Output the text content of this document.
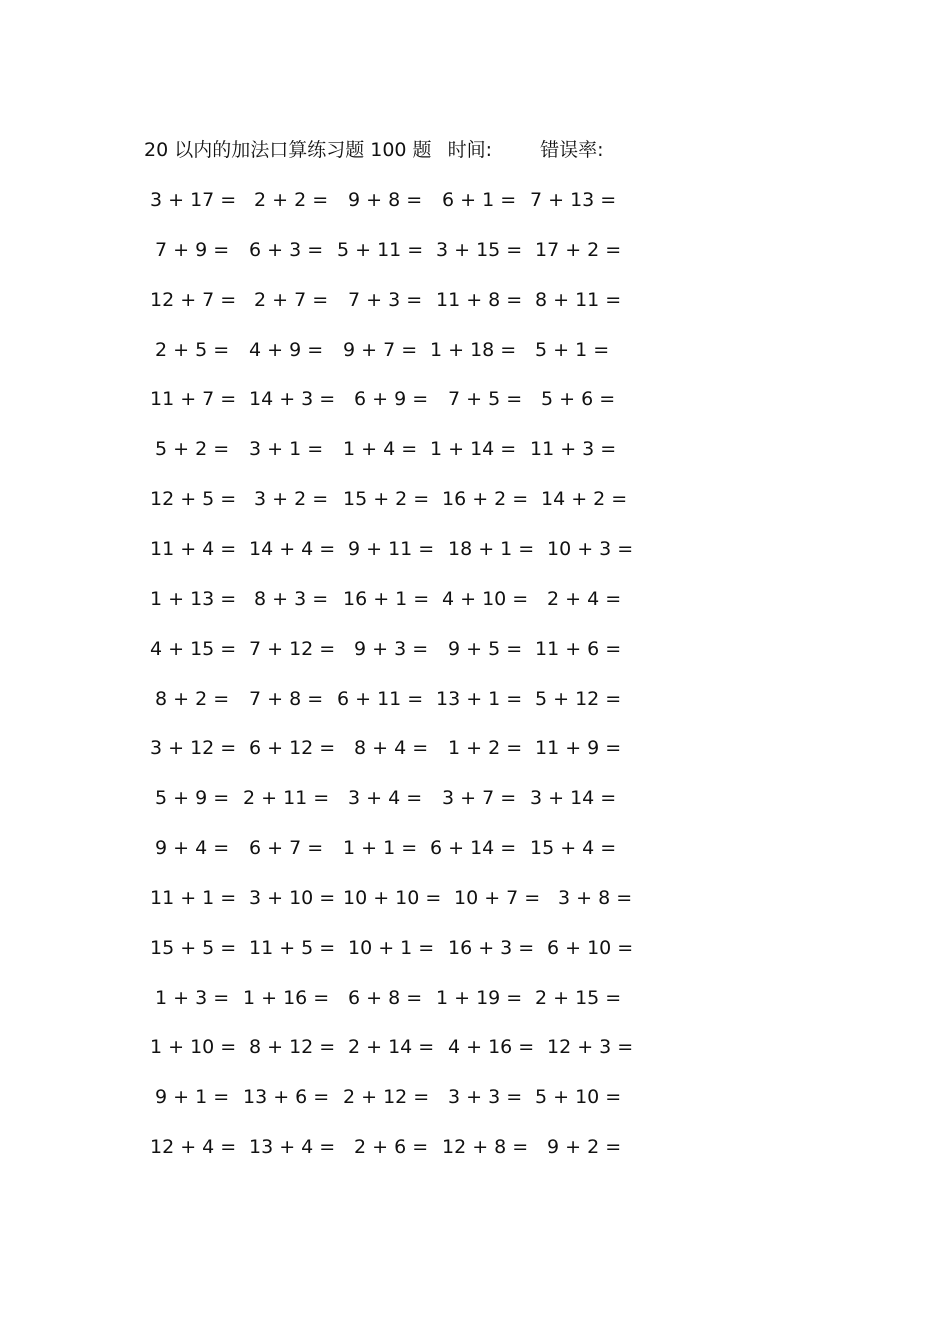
20 以内的加法口算练习题 100 题 时间:	错误率:
3 + 17 = 2 + 2 = 9 + 8 = 6 + 1 = 7 + 13 =
7 + 9 = 6 + 3 = 5 + 11 = 3 + 15 = 17 + 2 =
12 + 7 = 2 + 7 = 7 + 3 = 11 + 8 = 8 + 11 =
2 + 5 = 4 + 9 = 9 + 7 = 1 + 18 = 5 + 1 =
11 + 7 = 14 + 3 = 6 + 9 = 7 + 5 = 5 + 6 =
5 + 2 = 3 + 1 = 1 + 4 = 1 + 14 = 11 + 3 =
12 + 5 = 3 + 2 = 15 + 2 = 16 + 2 = 14 + 2 =
11 + 4 = 14 + 4 = 9 + 11 = 18 + 1 = 10 + 3 =
1 + 13 = 8 + 3 = 16 + 1 = 4 + 10 = 2 + 4 =
4 + 15 = 7 + 12 = 9 + 3 = 9 + 5 = 11 + 6 =
8 + 2 = 7 + 8 = 6 + 11 = 13 + 1 = 5 + 12 =
3 + 12 = 6 + 12 = 8 + 4 = 1 + 2 = 11 + 9 =
5 + 9 = 2 + 11 = 3 + 4 = 3 + 7 = 3 + 14 =
9 + 4 = 6 + 7 = 1 + 1 = 6 + 14 = 15 + 4 =
11 + 1 = 3 + 10 = 10 + 10 = 10 + 7 = 3 + 8 =
15 + 5 = 11 + 5 = 10 + 1 = 16 + 3 = 6 + 10 =
1 + 3 = 1 + 16 = 6 + 8 = 1 + 19 = 2 + 15 =
1 + 10 = 8 + 12 = 2 + 14 = 4 + 16 = 12 + 3 =
9 + 1 = 13 + 6 = 2 + 12 = 3 + 3 = 5 + 10 =
12 + 4 = 13 + 4 = 2 + 6 = 12 + 8 = 9 + 2 =
